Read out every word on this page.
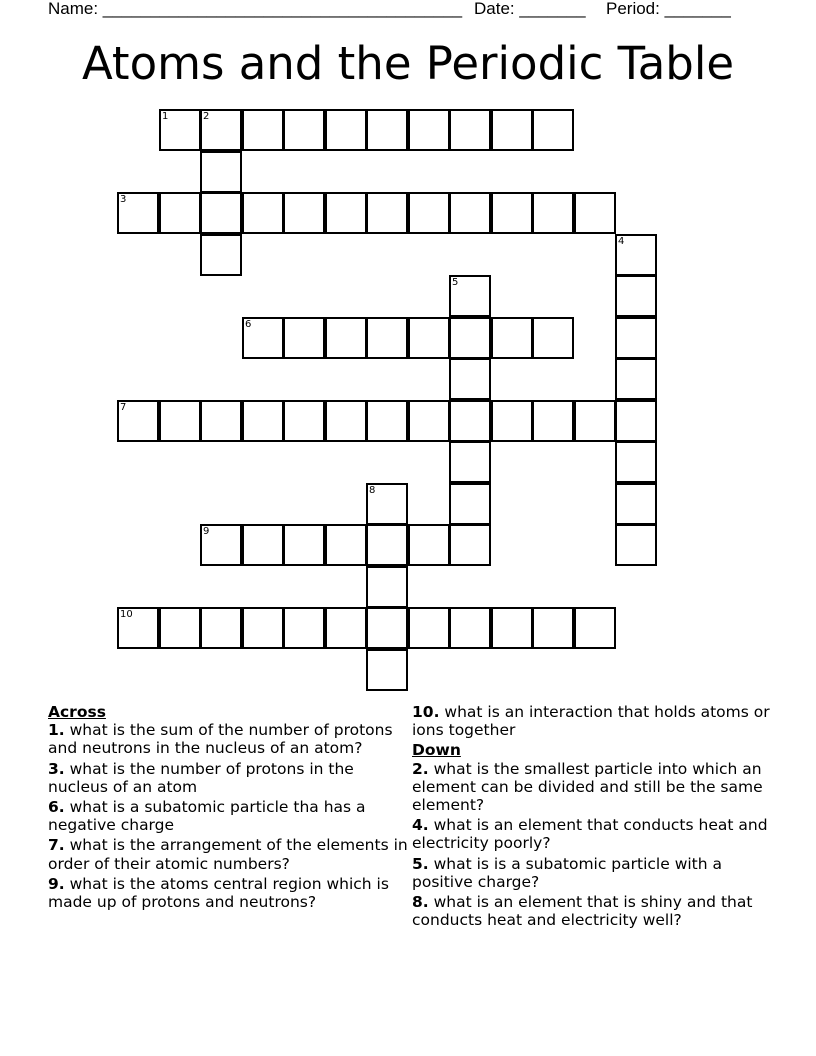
Name: ______________________________________ Date: _______ Period: _______
Atoms and the Periodic Table
1	2
3
4
5
6
7
8
9
10
Across
1. what is the sum of the number of protons and neutrons in the nucleus of an atom?
3. what is the number of protons in the nucleus of an atom
6. what is a subatomic particle tha has a negative charge
7. what is the arrangement of the elements in order of their atomic numbers?
9. what is the atoms central region which is made up of protons and neutrons?
10. what is an interaction that holds atoms or ions together
Down
2. what is the smallest particle into which an element can be divided and still be the same element?
4. what is an element that conducts heat and electricity poorly?
5. what is is a subatomic particle with a positive charge?
8. what is an element that is shiny and that conducts heat and electricity well?
